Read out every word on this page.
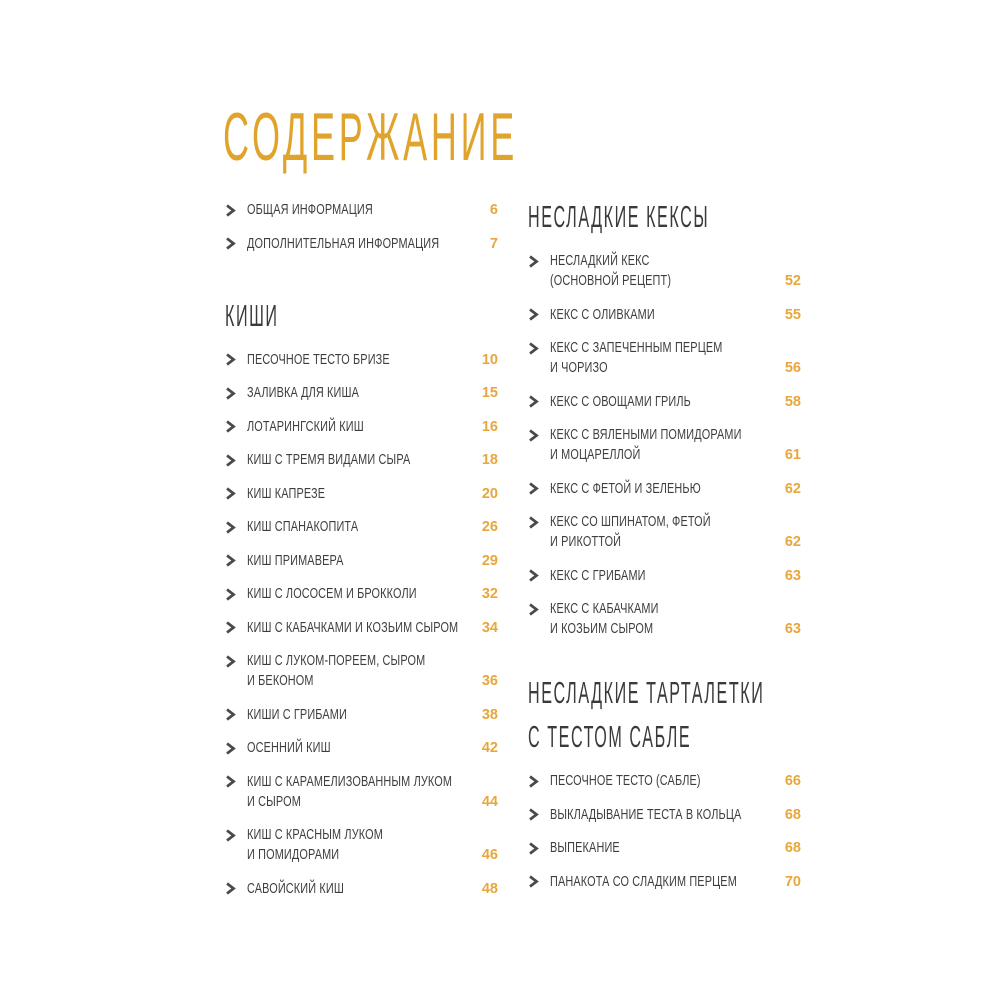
СОДЕРЖАНИЕ
ОБЩАЯ ИНФОРМАЦИЯ	6
ДОПОЛНИТЕЛЬНАЯ ИНФОРМАЦИЯ	7
КИШИ
ПЕСОЧНОЕ ТЕСТО БРИЗЕ	10
ЗАЛИВКА ДЛЯ КИША	15
ЛОТАРИНГСКИЙ КИШ	16
КИШ С ТРЕМЯ ВИДАМИ СЫРА	18
КИШ КАПРЕЗЕ	20
КИШ СПАНАКОПИТА	26
КИШ ПРИМАВЕРА	29
КИШ С ЛОСОСЕМ И БРОККОЛИ	32
КИШ С КАБАЧКАМИ И КОЗЬИМ СЫРОМ 34
КИШ С ЛУКОМ-ПОРЕЕМ, СЫРОМ
И БЕКОНОМ	36
КИШИ С ГРИБАМИ	38
ОСЕННИЙ КИШ	42
КИШ С КАРАМЕЛИЗОВАННЫМ ЛУКОМ
И СЫРОМ	44
КИШ С КРАСНЫМ ЛУКОМ
И ПОМИДОРАМИ	46
САВОЙСКИЙ КИШ	48
НЕСЛАДКИЕ КЕКСЫ
НЕСЛАДКИЙ КЕКС
(ОСНОВНОЙ РЕЦЕПТ)	52
КЕКС С ОЛИВКАМИ	55
КЕКС С ЗАПЕЧЕННЫМ ПЕРЦЕМ
И ЧОРИЗО	56
КЕКС С ОВОЩАМИ ГРИЛЬ	58
КЕКС С ВЯЛЕНЫМИ ПОМИДОРАМИ
И МОЦАРЕЛЛОЙ	61
КЕКС С ФЕТОЙ И ЗЕЛЕНЬЮ	62
КЕКС СО ШПИНАТОМ, ФЕТОЙ
И РИКОТТОЙ	62
КЕКС С ГРИБАМИ	63
КЕКС С КАБАЧКАМИ
И КОЗЬИМ СЫРОМ	63
НЕСЛАДКИЕ ТАРТАЛЕТКИ
С ТЕСТОМ САБЛЕ
ПЕСОЧНОЕ ТЕСТО (САБЛЕ)	66
ВЫКЛАДЫВАНИЕ ТЕСТА В КОЛЬЦА	68
ВЫПЕКАНИЕ	68
ПАНАКОТА СО СЛАДКИМ ПЕРЦЕМ	70
